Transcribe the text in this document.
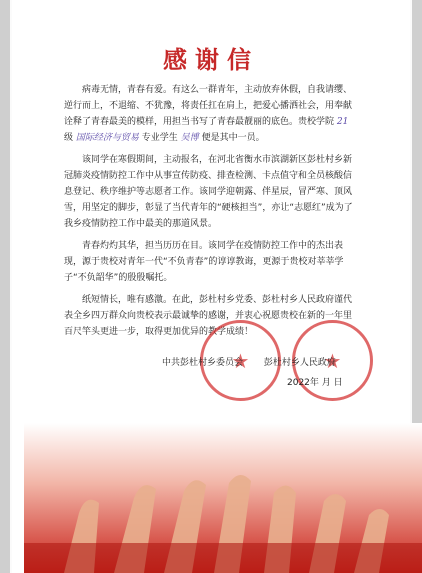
感谢信

病毒无情，青春有爱。有这么一群青年，主动放弃休假，自我请缨、逆行而上，不退缩、不犹豫，将责任扛在肩上，把爱心播洒社会，用奉献诠释了青春最美的模样，用担当书写了青春最靓丽的底色。贵校学院 21 级 国际经济与贸易 专业学生 吴博 便是其中一员。

该同学在寒假期间，主动报名，在河北省衡水市滨湖新区彭杜村乡新冠肺炎疫情防控工作中从事宣传防疫、排查检测、卡点值守和全员核酸信息登记、秩序维护等志愿者工作。该同学迎朝露、伴星辰，冒严寒、顶风雪，用坚定的脚步，彰显了当代青年的“硬核担当”，亦让“志愿红”成为了我乡疫情防控工作中最美的那道风景。

青春灼灼其华，担当历历在目。该同学在疫情防控工作中的杰出表现，源于贵校对青年一代“不负青春”的谆谆教诲，更源于贵校对莘莘学子“不负韶华”的殷殷嘱托。

纸短情长，唯有感激。在此，彭杜村乡党委、彭杜村乡人民政府谨代表全乡四万群众向贵校表示最诚挚的感谢，并衷心祝愿贵校在新的一年里百尺竿头更进一步，取得更加优异的教学成绩！

★	★
中共彭杜村乡委员会 彭杜村乡人民政府
2022年 月 日
